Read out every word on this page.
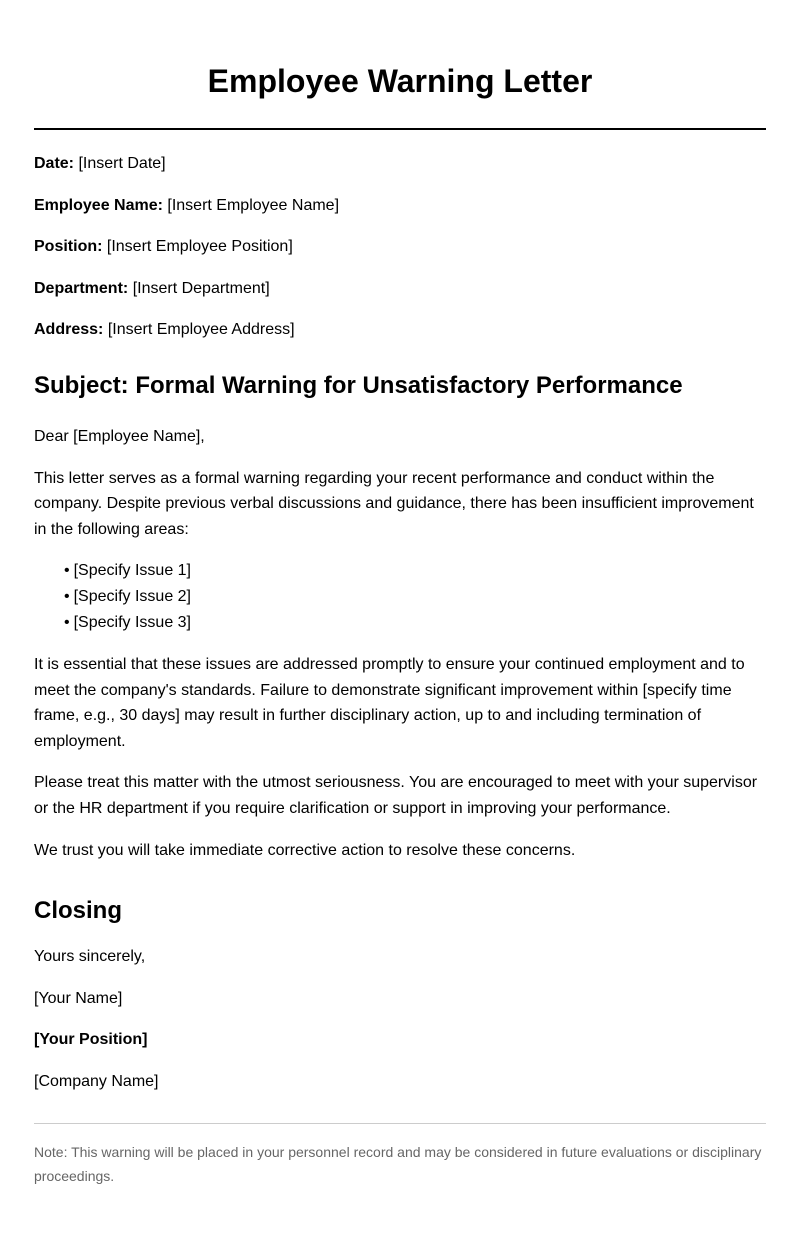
Employee Warning Letter

Date: [Insert Date]

Employee Name: [Insert Employee Name]

Position: [Insert Employee Position]

Department: [Insert Department]

Address: [Insert Employee Address]

Subject: Formal Warning for Unsatisfactory Performance

Dear [Employee Name],

This letter serves as a formal warning regarding your recent performance and conduct within the company. Despite previous verbal discussions and guidance, there has been insufficient improvement in the following areas:

• [Specify Issue 1]
• [Specify Issue 2]
• [Specify Issue 3]

It is essential that these issues are addressed promptly to ensure your continued employment and to meet the company's standards. Failure to demonstrate significant improvement within [specify time frame, e.g., 30 days] may result in further disciplinary action, up to and including termination of employment.

Please treat this matter with the utmost seriousness. You are encouraged to meet with your supervisor or the HR department if you require clarification or support in improving your performance.

We trust you will take immediate corrective action to resolve these concerns.

Closing

Yours sincerely,

[Your Name]

[Your Position]

[Company Name]

Note: This warning will be placed in your personnel record and may be considered in future evaluations or disciplinary proceedings.
